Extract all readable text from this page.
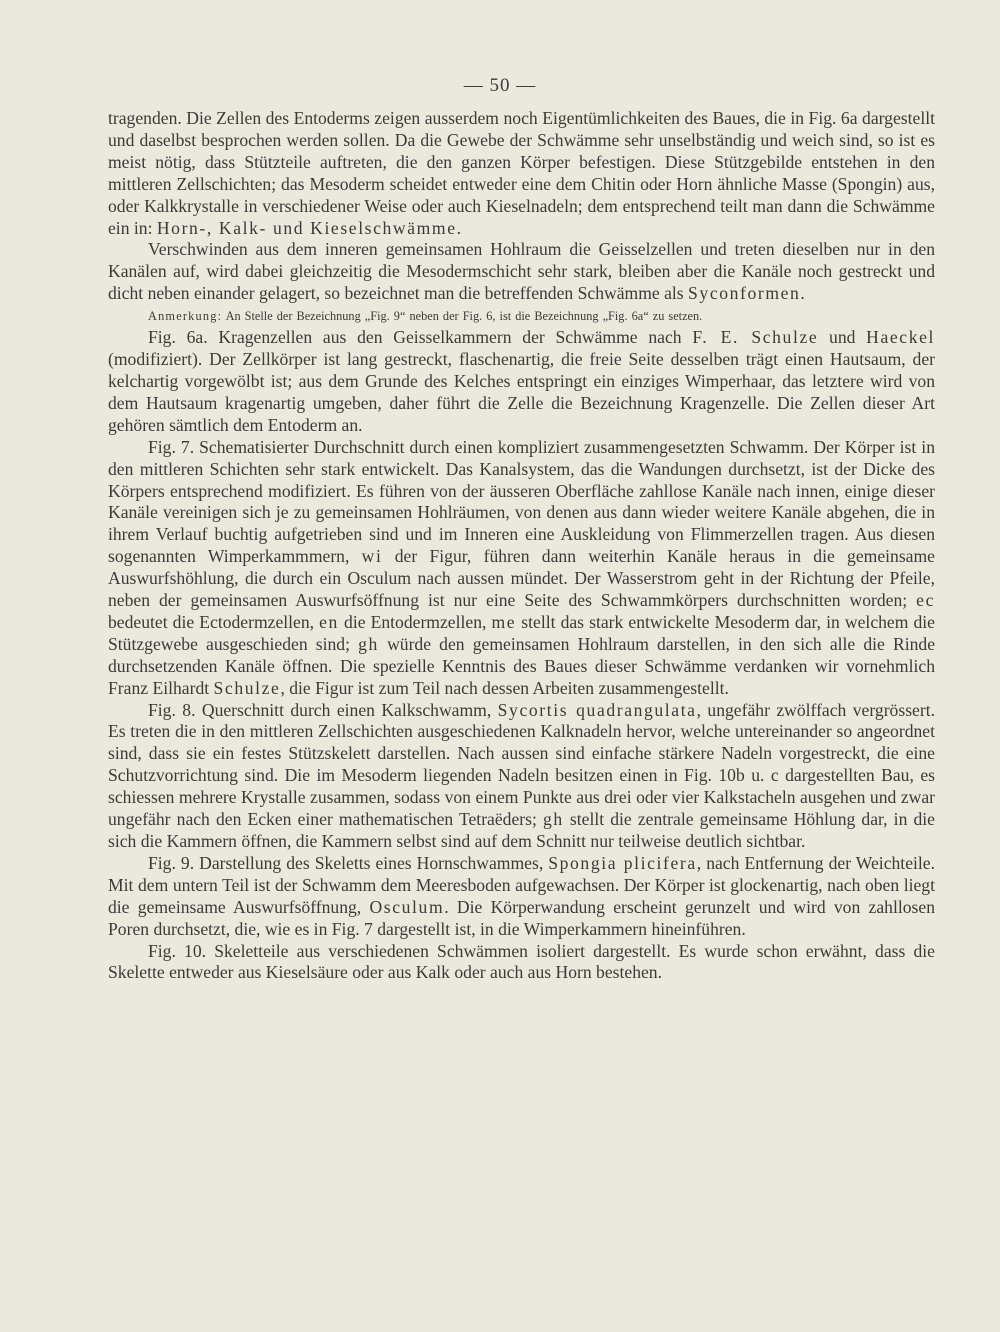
— 50 —

tragenden. Die Zellen des Entoderms zeigen ausserdem noch Eigentümlichkeiten des Baues, die in Fig. 6a dargestellt und daselbst besprochen werden sollen. Da die Gewebe der Schwämme sehr unselbständig und weich sind, so ist es meist nötig, dass Stützteile auftreten, die den ganzen Körper befestigen. Diese Stützgebilde entstehen in den mittleren Zellschichten; das Mesoderm scheidet entweder eine dem Chitin oder Horn ähnliche Masse (Spongin) aus, oder Kalkkrystalle in verschiedener Weise oder auch Kieselnadeln; dem entsprechend teilt man dann die Schwämme ein in: Horn-, Kalk- und Kieselschwämme.

Verschwinden aus dem inneren gemeinsamen Hohlraum die Geisselzellen und treten dieselben nur in den Kanälen auf, wird dabei gleichzeitig die Mesodermschicht sehr stark, bleiben aber die Kanäle noch gestreckt und dicht neben einander gelagert, so bezeichnet man die betreffenden Schwämme als Syconformen.

Anmerkung: An Stelle der Bezeichnung „Fig. 9“ neben der Fig. 6, ist die Bezeichnung „Fig. 6a“ zu setzen.

Fig. 6a. Kragenzellen aus den Geisselkammern der Schwämme nach F. E. Schulze und Haeckel (modifiziert). Der Zellkörper ist lang gestreckt, flaschenartig, die freie Seite desselben trägt einen Hautsaum, der kelchartig vorgewölbt ist; aus dem Grunde des Kelches entspringt ein einziges Wimperhaar, das letztere wird von dem Hautsaum kragenartig umgeben, daher führt die Zelle die Bezeichnung Kragenzelle. Die Zellen dieser Art gehören sämtlich dem Entoderm an.

Fig. 7. Schematisierter Durchschnitt durch einen kompliziert zusammengesetzten Schwamm. Der Körper ist in den mittleren Schichten sehr stark entwickelt. Das Kanalsystem, das die Wandungen durchsetzt, ist der Dicke des Körpers entsprechend modifiziert. Es führen von der äusseren Oberfläche zahllose Kanäle nach innen, einige dieser Kanäle vereinigen sich je zu gemeinsamen Hohlräumen, von denen aus dann wieder weitere Kanäle abgehen, die in ihrem Verlauf buchtig aufgetrieben sind und im Inneren eine Auskleidung von Flimmerzellen tragen. Aus diesen sogenannten Wimperkammmern, wi der Figur, führen dann weiterhin Kanäle heraus in die gemeinsame Auswurfshöhlung, die durch ein Osculum nach aussen mündet. Der Wasserstrom geht in der Richtung der Pfeile, neben der gemeinsamen Auswurfsöffnung ist nur eine Seite des Schwammkörpers durchschnitten worden; ec bedeutet die Ectodermzellen, en die Entodermzellen, me stellt das stark entwickelte Mesoderm dar, in welchem die Stützgewebe ausgeschieden sind; gh würde den gemeinsamen Hohlraum darstellen, in den sich alle die Rinde durchsetzenden Kanäle öffnen. Die spezielle Kenntnis des Baues dieser Schwämme verdanken wir vornehmlich Franz Eilhardt Schulze, die Figur ist zum Teil nach dessen Arbeiten zusammengestellt.

Fig. 8. Querschnitt durch einen Kalkschwamm, Sycortis quadrangulata, ungefähr zwölffach vergrössert. Es treten die in den mittleren Zellschichten ausgeschiedenen Kalknadeln hervor, welche untereinander so angeordnet sind, dass sie ein festes Stützskelett darstellen. Nach aussen sind einfache stärkere Nadeln vorgestreckt, die eine Schutzvorrichtung sind. Die im Mesoderm liegenden Nadeln besitzen einen in Fig. 10b u. c dargestellten Bau, es schiessen mehrere Krystalle zusammen, sodass von einem Punkte aus drei oder vier Kalkstacheln ausgehen und zwar ungefähr nach den Ecken einer mathematischen Tetraëders; gh stellt die zentrale gemeinsame Höhlung dar, in die sich die Kammern öffnen, die Kammern selbst sind auf dem Schnitt nur teilweise deutlich sichtbar.

Fig. 9. Darstellung des Skeletts eines Hornschwammes, Spongia plicifera, nach Entfernung der Weichteile. Mit dem untern Teil ist der Schwamm dem Meeresboden aufgewachsen. Der Körper ist glockenartig, nach oben liegt die gemeinsame Auswurfsöffnung, Osculum. Die Körperwandung erscheint gerunzelt und wird von zahllosen Poren durchsetzt, die, wie es in Fig. 7 dargestellt ist, in die Wimperkammern hineinführen.

Fig. 10. Skeletteile aus verschiedenen Schwämmen isoliert dargestellt. Es wurde schon erwähnt, dass die Skelette entweder aus Kieselsäure oder aus Kalk oder auch aus Horn bestehen.
